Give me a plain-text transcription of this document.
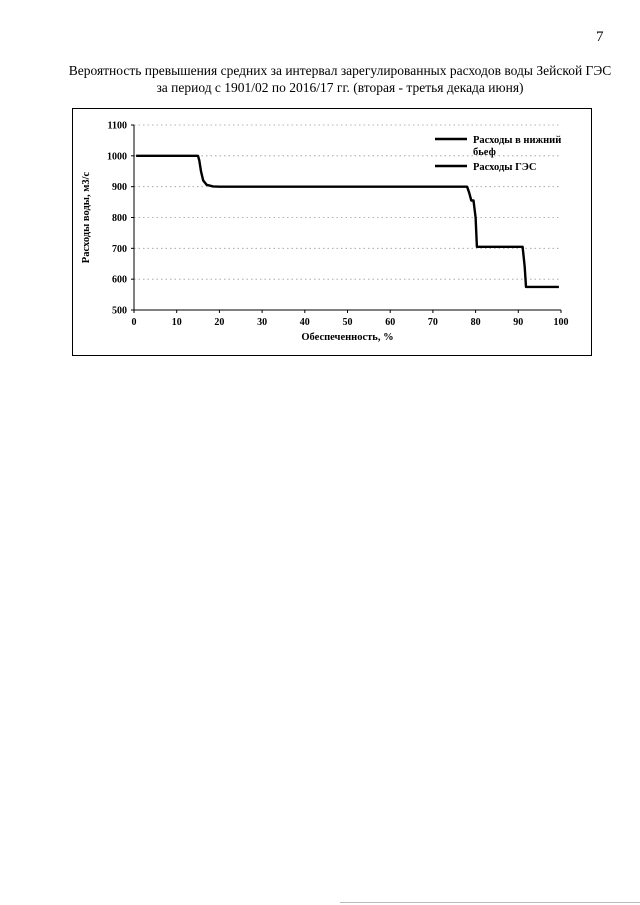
7
Вероятность превышения средних за интервал зарегулированных расходов воды Зейской ГЭС
за период с 1901/02 по 2016/17 гг. (вторая - третья декада июня)
0	10	20	30	40	50	60	70	80	90	100
500
600
700
800
900
1000
1100
Обеспеченность, %
Расходы воды, м3/с
Расходы в нижний
бьеф
Расходы ГЭС
